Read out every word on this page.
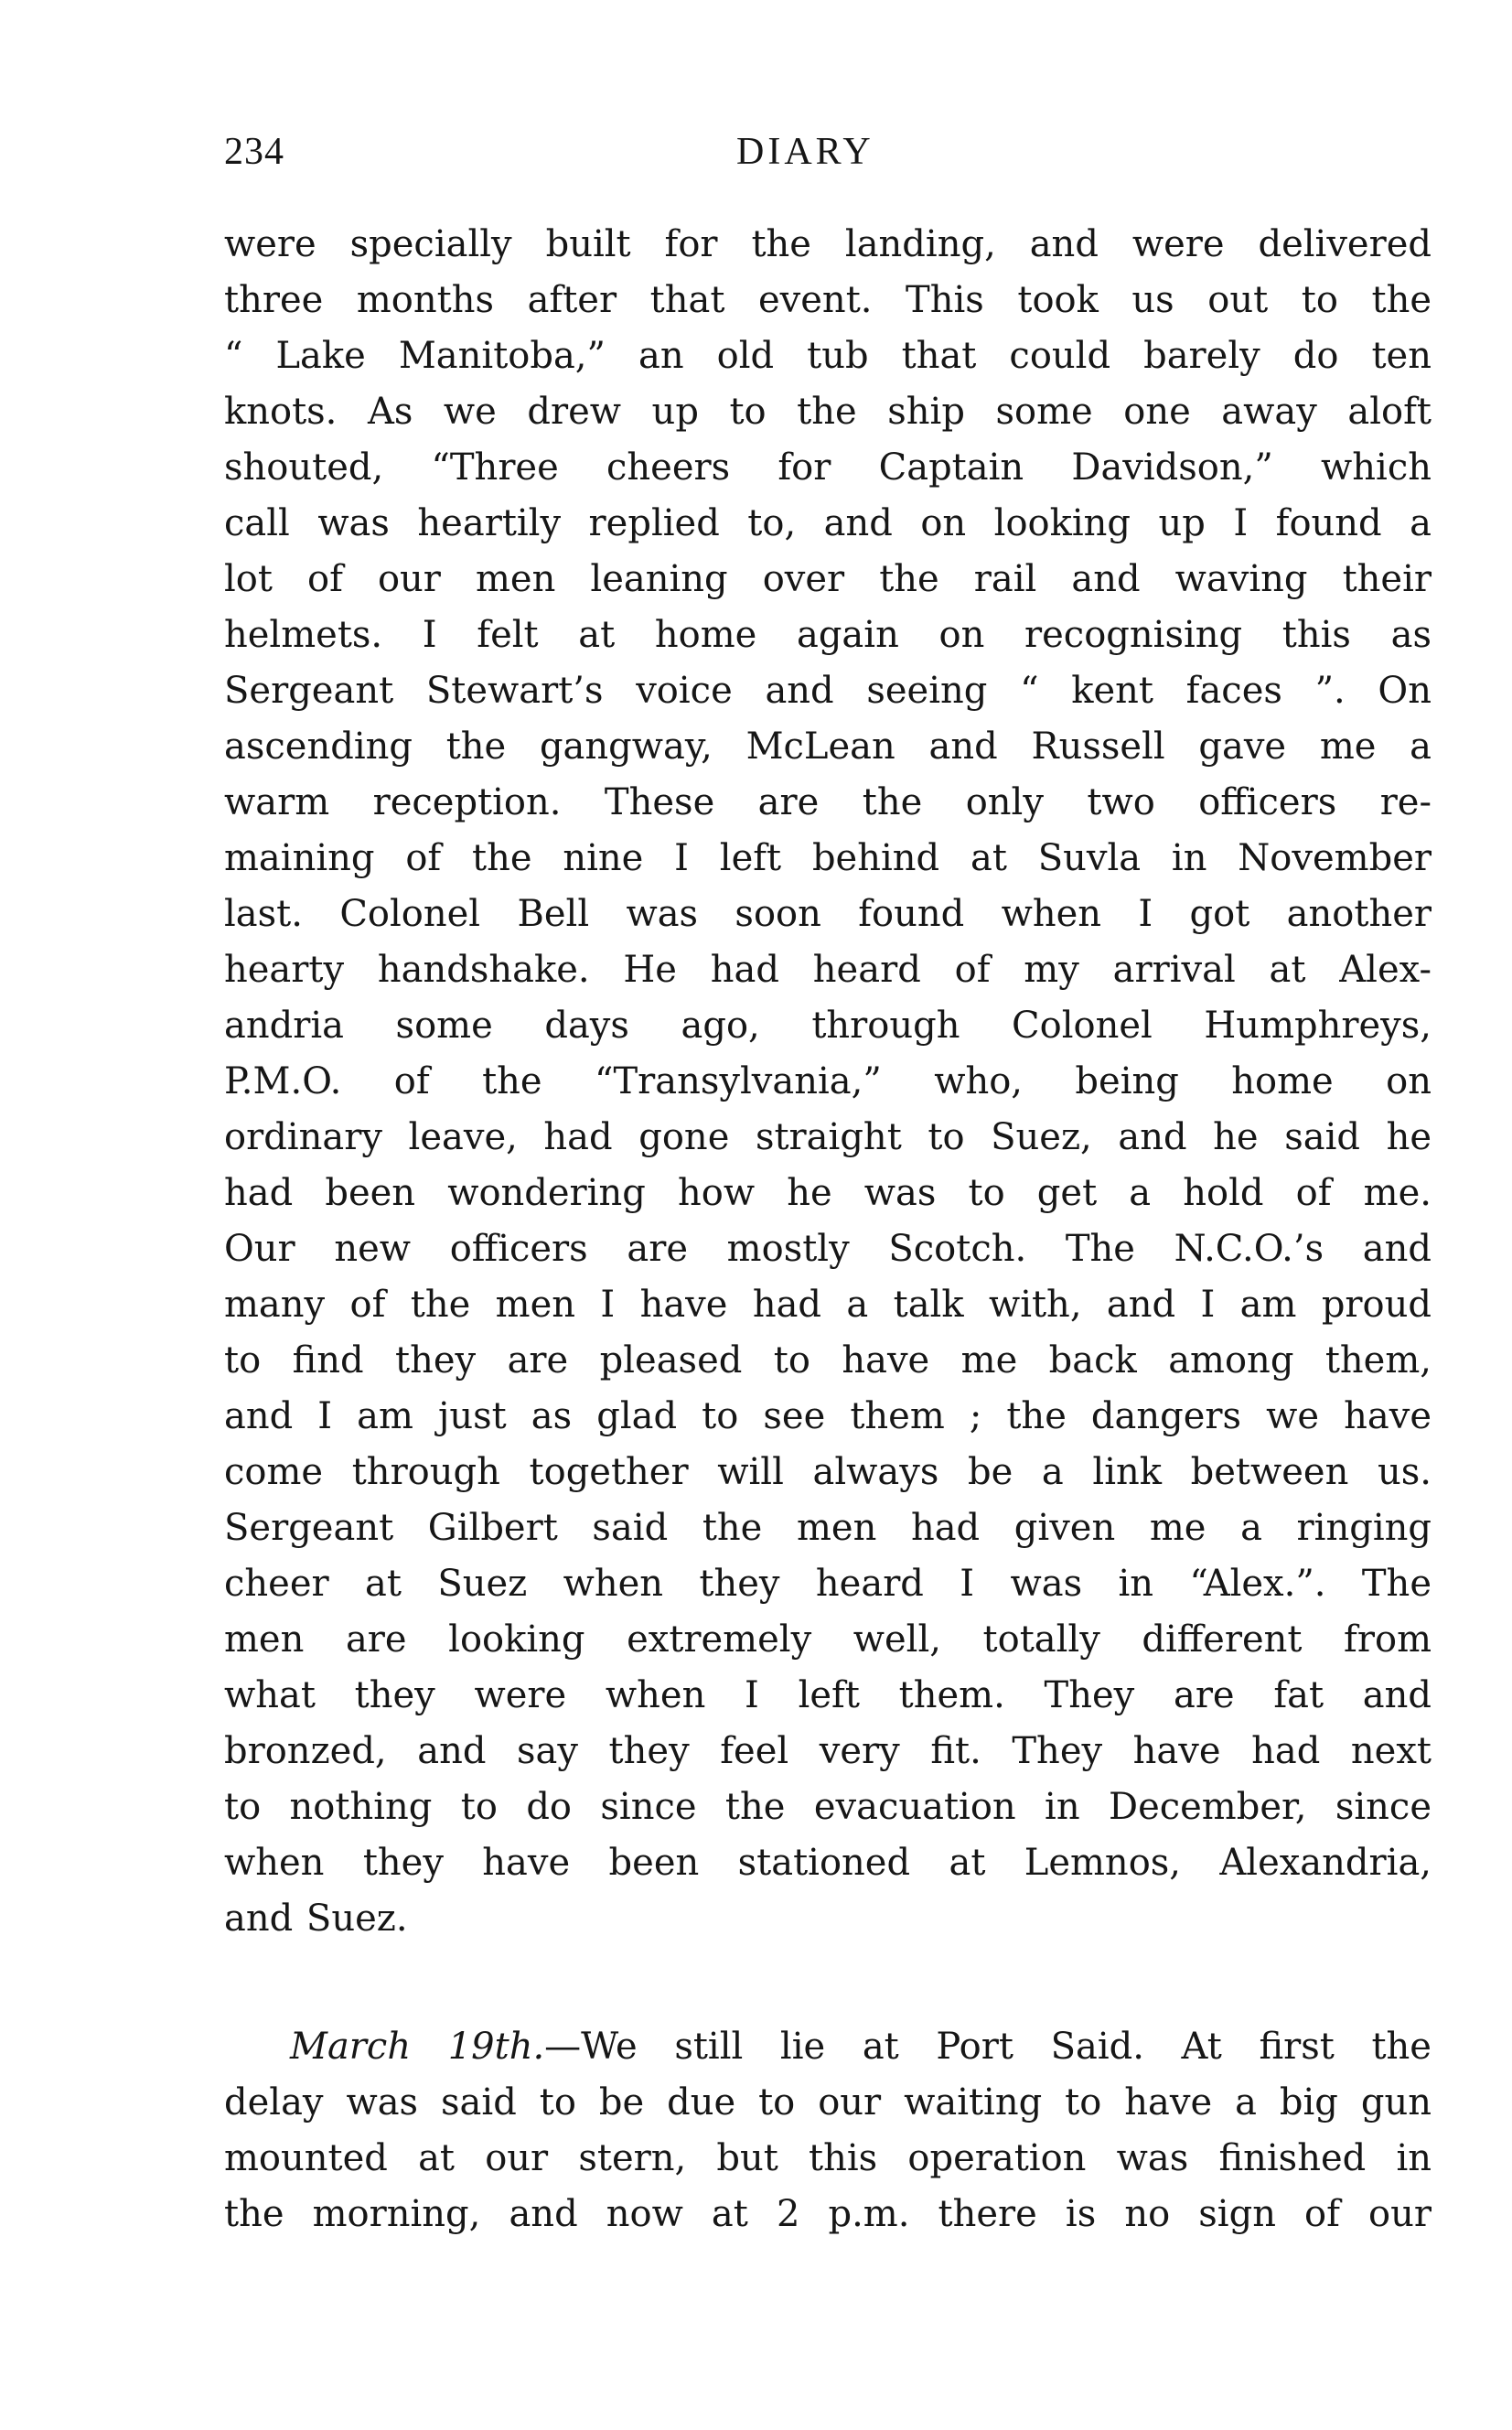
234	DIARY
were specially built for the landing, and were delivered
three months after that event. This took us out to the
“ Lake Manitoba,” an old tub that could barely do ten
knots. As we drew up to the ship some one away aloft
shouted, “Three cheers for Captain Davidson,” which
call was heartily replied to, and on looking up I found a
lot of our men leaning over the rail and waving their
helmets. I felt at home again on recognising this as
Sergeant Stewart’s voice and seeing “ kent faces ”. On
ascending the gangway, McLean and Russell gave me a
warm reception. These are the only two officers re-
maining of the nine I left behind at Suvla in November
last. Colonel Bell was soon found when I got another
hearty handshake. He had heard of my arrival at Alex-
andria some days ago, through Colonel Humphreys,
P.M.O. of the “Transylvania,” who, being home on
ordinary leave, had gone straight to Suez, and he said he
had been wondering how he was to get a hold of me.
Our new officers are mostly Scotch. The N.C.O.’s and
many of the men I have had a talk with, and I am proud
to find they are pleased to have me back among them,
and I am just as glad to see them ; the dangers we have
come through together will always be a link between us.
Sergeant Gilbert said the men had given me a ringing
cheer at Suez when they heard I was in “Alex.”. The
men are looking extremely well, totally different from
what they were when I left them. They are fat and
bronzed, and say they feel very fit. They have had next
to nothing to do since the evacuation in December, since
when they have been stationed at Lemnos, Alexandria,
and Suez.
March 19th.—We still lie at Port Said. At first the
delay was said to be due to our waiting to have a big gun
mounted at our stern, but this operation was finished in
the morning, and now at 2 p.m. there is no sign of our
